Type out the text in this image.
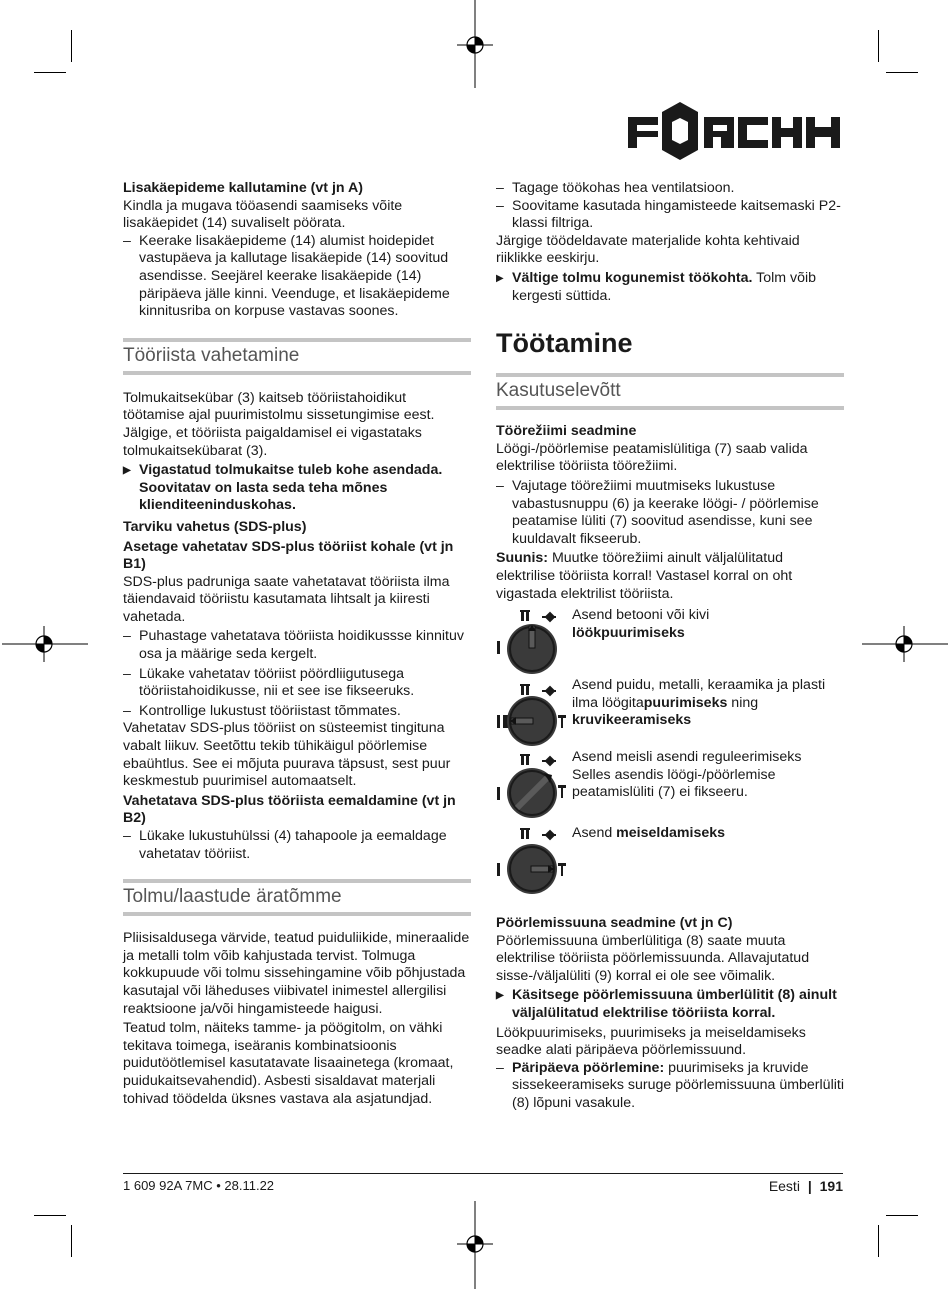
Lisakäepideme kallutamine (vt jn A)

Kindla ja mugava tööasendi saamiseks võite lisakäepidet (14) suvaliselt pöörata.

– Keerake lisakäepideme (14) alumist hoidepidet vastupäeva ja kallutage lisakäepide (14) soovitud asendisse. Seejärel keerake lisakäepide (14) päripäeva jälle kinni. Veenduge, et lisakäepideme kinnitusriba on korpuse vastavas soones.

Tööriista vahetamine

Tolmukaitsekübar (3) kaitseb tööriistahoidikut töötamise ajal puurimistolmu sissetungimise eest. Jälgige, et tööriista paigaldamisel ei vigastataks tolmukaitsekübarat (3).

▶ Vigastatud tolmukaitse tuleb kohe asendada. Soovitatav on lasta seda teha mõnes klienditeeninduskohas.

Tarviku vahetus (SDS-plus)

Asetage vahetatav SDS-plus tööriist kohale (vt jn B1)

SDS-plus padruniga saate vahetatavat tööriista ilma täiendavaid tööriistu kasutamata lihtsalt ja kiiresti vahetada.

– Puhastage vahetatava tööriista hoidikussse kinnituv osa ja määrige seda kergelt.

– Lükake vahetatav tööriist pöördliigutusega tööriistahoidikusse, nii et see ise fikseeruks.

– Kontrollige lukustust tööriistast tõmmates.

Vahetatav SDS-plus tööriist on süsteemist tingituna vabalt liikuv. Seetõttu tekib tühikäigul pöörlemise ebaühtlus. See ei mõjuta puurava täpsust, sest puur keskmestub puurimisel automaatselt.

Vahetatava SDS-plus tööriista eemaldamine (vt jn B2)

– Lükake lukustuhülssi (4) tahapoole ja eemaldage vahetatav tööriist.

Tolmu/laastude äratõmme

Pliisisaldusega värvide, teatud puiduliikide, mineraalide ja metalli tolm võib kahjustada tervist. Tolmuga kokkupuude või tolmu sissehingamine võib põhjustada kasutajal või läheduses viibivatel inimestel allergilisi reaktsioone ja/või hingamisteede haigusi.

Teatud tolm, näiteks tamme- ja pöögitolm, on vähki tekitava toimega, iseäranis kombinatsioonis puidutöötlemisel kasutatavate lisaainetega (kromaat, puidukaitsevahendid). Asbesti sisaldavat materjali tohivad töödelda üksnes vastava ala asjatundjad.

– Tagage töökohas hea ventilatsioon.

– Soovitame kasutada hingamisteede kaitsemaski P2-klassi filtriga.

Järgige töödeldavate materjalide kohta kehtivaid riiklikke eeskirju.

▶ Vältige tolmu kogunemist töökohta. Tolm võib kergesti süttida.

Töötamine
Kasutuselevõtt

Töörežiimi seadmine

Löögi-/pöörlemise peatamislülitiga (7) saab valida elektrilise tööriista töörežiimi.

– Vajutage töörežiimi muutmiseks lukustuse vabastusnuppu (6) ja keerake löögi- / pöörlemise peatamise lüliti (7) soovitud asendisse, kuni see kuuldavalt fikseerub.

Suunis: Muutke töörežiimi ainult väljalülitatud elektrilise tööriista korral! Vastasel korral on oht vigastada elektrilist tööriista.

Asend betooni või kivi

löökpuurimiseks

Asend puidu, metalli, keraamika ja plasti ilma löögitapuurimiseks ning kruvikeeramiseks

Asend meisli asendi reguleerimiseks Selles asendis löögi-/pöörlemise peatamislüliti (7) ei fikseeru.

Asend meiseldamiseks

Pöörlemissuuna seadmine (vt jn C)

Pöörlemissuuna ümberlülitiga (8) saate muuta elektrilise tööriista pöörlemissuunda. Allavajutatud sisse-/väljalüliti (9) korral ei ole see võimalik.

▶ Käsitsege pöörlemissuuna ümberlülitit (8) ainult väljalülitatud elektrilise tööriista korral.

Löökpuurimiseks, puurimiseks ja meiseldamiseks seadke alati päripäeva pöörlemissuund.

– Päripäeva pöörlemine: puurimiseks ja kruvide sissekeeramiseks suruge pöörlemissuuna ümberlüliti (8) lõpuni vasakule.

1 609 92A 7MC • 28.11.22	Eesti | 191
